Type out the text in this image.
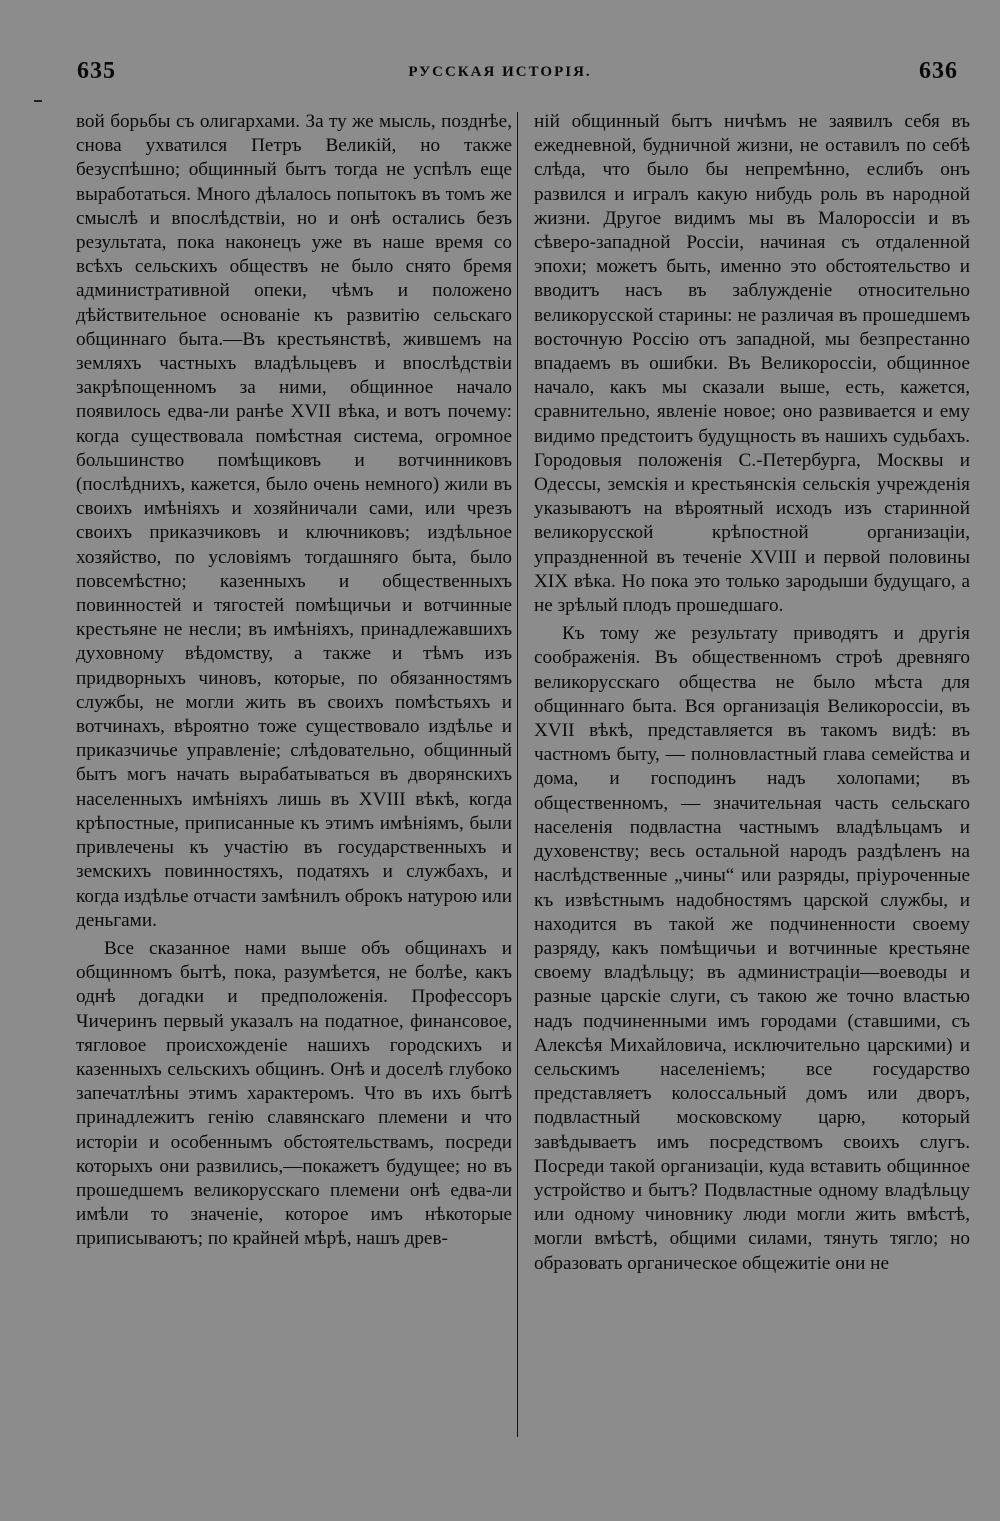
635	РУССКАЯ ИСТОРІЯ.	636

вой борьбы съ олигархами. За ту же мысль, позднѣе, снова ухватился Петръ Великій, но также безуспѣшно; общинный бытъ тогда не успѣлъ еще выработаться. Много дѣлалось попытокъ въ томъ же смыслѣ и впослѣдствіи, но и онѣ остались безъ результата, пока наконецъ уже въ наше время со всѣхъ сельскихъ обществъ не было снято бремя административной опеки, чѣмъ и положено дѣйствительное основаніе къ развитію сельскаго общиннаго быта.—Въ крестьянствѣ, жившемъ на земляхъ частныхъ владѣльцевъ и впослѣдствіи закрѣпощенномъ за ними, общинное начало появилось едва-ли ранѣе XVII вѣка, и вотъ почему: когда существовала помѣстная система, огромное большинство помѣщиковъ и вотчинниковъ (послѣднихъ, кажется, было очень немного) жили въ своихъ имѣніяхъ и хозяйничали сами, или чрезъ своихъ приказчиковъ и ключниковъ; издѣльное хозяйство, по условіямъ тогдашняго быта, было повсемѣстно; казенныхъ и общественныхъ повинностей и тягостей помѣщичьи и вотчинные крестьяне не несли; въ имѣніяхъ, принадлежавшихъ духовному вѣдомству, а также и тѣмъ изъ придворныхъ чиновъ, которые, по обязанностямъ службы, не могли жить въ своихъ помѣстьяхъ и вотчинахъ, вѣроятно тоже существовало издѣлье и приказчичье управленіе; слѣдовательно, общинный бытъ могъ начать вырабатываться въ дворянскихъ населенныхъ имѣніяхъ лишь въ XVIII вѣкѣ, когда крѣпостные, приписанные къ этимъ имѣніямъ, были привлечены къ участію въ государственныхъ и земскихъ повинностяхъ, податяхъ и службахъ, и когда издѣлье отчасти замѣнилъ оброкъ натурою или деньгами.

Все сказанное нами выше объ общинахъ и общинномъ бытѣ, пока, разумѣется, не болѣе, какъ однѣ догадки и предположенія. Профессоръ Чичеринъ первый указалъ на податное, финансовое, тягловое происхожденіе нашихъ городскихъ и казенныхъ сельскихъ общинъ. Онѣ и доселѣ глубоко запечатлѣны этимъ характеромъ. Что въ ихъ бытѣ принадлежитъ генію славянскаго племени и что исторіи и особеннымъ обстоятельствамъ, посреди которыхъ они развились,—покажетъ будущее; но въ прошедшемъ великорусскаго племени онѣ едва-ли имѣли то значеніе, которое имъ нѣкоторые приписываютъ; по крайней мѣрѣ, нашъ древ-

ній общинный бытъ ничѣмъ не заявилъ себя въ ежедневной, будничной жизни, не оставилъ по себѣ слѣда, что было бы непремѣнно, еслибъ онъ развился и игралъ какую нибудь роль въ народной жизни. Другое видимъ мы въ Малороссіи и въ сѣверо-западной Россіи, начиная съ отдаленной эпохи; можетъ быть, именно это обстоятельство и вводитъ насъ въ заблужденіе относительно великорусской старины: не различая въ прошедшемъ восточную Россію отъ западной, мы безпрестанно впадаемъ въ ошибки. Въ Великороссіи, общинное начало, какъ мы сказали выше, есть, кажется, сравнительно, явленіе новое; оно развивается и ему видимо предстоитъ будущность въ нашихъ судьбахъ. Городовыя положенія С.-Петербурга, Москвы и Одессы, земскія и крестьянскія сельскія учрежденія указываютъ на вѣроятный исходъ изъ старинной великорусской крѣпостной организаціи, упраздненной въ теченіе XVIII и первой половины XIX вѣка. Но пока это только зародыши будущаго, а не зрѣлый плодъ прошедшаго.

Къ тому же результату приводятъ и другія соображенія. Въ общественномъ строѣ древняго великорусскаго общества не было мѣста для общиннаго быта. Вся организація Великороссіи, въ XVII вѣкѣ, представляется въ такомъ видѣ: въ частномъ быту, — полновластный глава семейства и дома, и господинъ надъ холопами; въ общественномъ, — значительная часть сельскаго населенія подвластна частнымъ владѣльцамъ и духовенству; весь остальной народъ раздѣленъ на наслѣдственные „чины“ или разряды, пріуроченные къ извѣстнымъ надобностямъ царской службы, и находится въ такой же подчиненности своему разряду, какъ помѣщичьи и вотчинные крестьяне своему владѣльцу; въ администраціи—воеводы и разные царскіе слуги, съ такою же точно властью надъ подчиненными имъ городами (ставшими, съ Алексѣя Михайловича, исключительно царскими) и сельскимъ населеніемъ; все государство представляетъ колоссальный домъ или дворъ, подвластный московскому царю, который завѣдываетъ имъ посредствомъ своихъ слугъ. Посреди такой организаціи, куда вставить общинное устройство и бытъ? Подвластные одному владѣльцу или одному чиновнику люди могли жить вмѣстѣ, могли вмѣстѣ, общими силами, тянуть тягло; но образовать органическое общежитіе они не
